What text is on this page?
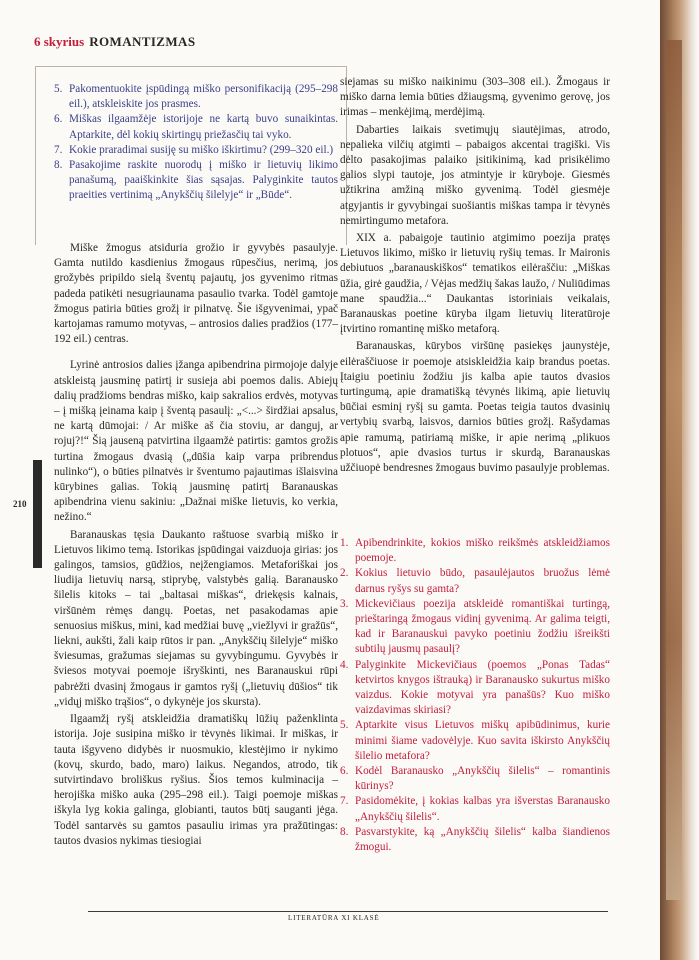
6 skyrius ROMANTIZMAS
5. Pakomentuokite įspūdingą miško personifikaciją (295–298 eil.), atskleiskite jos prasmes.
6. Miškas ilgaamžėje istorijoje ne kartą buvo sunaikintas. Aptarkite, dėl kokių skirtingų priežasčių tai vyko.
7. Kokie praradimai susiję su miško iškirtimu? (299–320 eil.)
8. Pasakojime raskite nuorodų į miško ir lietuvių likimo panašumą, paaiškinkite šias sąsajas. Palyginkite tautos praeities vertinimą „Anykščių šilelyje“ ir „Būde“.

Miške žmogus atsiduria grožio ir gyvybės pasaulyje. Gamta nutildo kasdienius žmogaus rūpesčius, nerimą, jos grožybės pripildo sielą šventų pajautų, jos gyvenimo ritmas padeda patikėti nesugriaunama pasaulio tvarka. Todėl gamtoje žmogus patiria būties grožį ir pilnatvę. Šie išgyvenimai, ypač kartojamas ramumo motyvas, – antrosios dalies pradžios (177–192 eil.) centras.

Lyrinė antrosios dalies įžanga apibendrina pirmojoje dalyje atskleistą jausminę patirtį ir susieja abi poemos dalis. Abiejų dalių pradžioms bendras miško, kaip sakralios erdvės, motyvas – į mišką įeinama kaip į šventą pasaulį: „<...> širdžiai apsalus, ne kartą dūmojai: / Ar miške aš čia stoviu, ar danguj, ar rojuj?!“ Šią jauseną patvirtina ilgaamžė patirtis: gamtos grožis turtina žmogaus dvasią („dūšia kaip varpa pribrendus nulinko“), o būties pilnatvės ir šventumo pajautimas išlaisvina kūrybines galias. Tokią jausminę patirtį Baranauskas apibendrina vienu sakiniu: „Dažnai miške lietuvis, ko verkia, nežino.“

Baranauskas tęsia Daukanto raštuose svarbią miško ir Lietuvos likimo temą. Istorikas įspūdingai vaizduoja girias: jos galingos, tamsios, gūdžios, neįžengiamos. Metaforiškai jos liudija lietuvių narsą, stiprybę, valstybės galią. Baranausko šilelis kitoks – tai „baltasai miškas“, driekęsis kalnais, viršūnėm rėmęs dangų. Poetas, net pasakodamas apie senuosius miškus, mini, kad medžiai buvę „viežlyvi ir gražūs“, liekni, aukšti, žali kaip rūtos ir pan. „Anykščių šilelyje“ miško šviesumas, gražumas siejamas su gyvybingumu. Gyvybės ir šviesos motyvai poemoje išryškinti, nes Baranauskui rūpi pabrėžti dvasinį žmogaus ir gamtos ryšį („lietuvių dūšios“ tik „vidųj miško trąšios“, o dykynėje jos skursta).

Ilgaamžį ryšį atskleidžia dramatiškų lūžių paženklinta istorija. Joje susipina miško ir tėvynės likimai. Ir miškas, ir tauta išgyveno didybės ir nuosmukio, klestėjimo ir nykimo (kovų, skurdo, bado, maro) laikus. Negandos, atrodo, tik sutvirtindavo brolišk‌us ryšius. Šios temos kulminacija – herojiška miško auka (295–298 eil.). Taigi poemoje miškas iškyla lyg kokia galinga, globianti, tautos būtį sauganti jėga. Todėl santarvės su gamtos pasauliu irimas yra pražūtingas: tautos dvasios nykimas tiesiogiai

siejamas su miško naikinimu (303–308 eil.). Žmogaus ir miško darna lemia būties džiaugsmą, gyvenimo gerovę, jos irimas – menkėjimą, merdėjimą.

Dabarties laikais svetimųjų siautėjimas, atrodo, nepalieka vilčių atgimti – pabaigos akcentai tragiški. Vis dėlto pasakojimas palaiko įsitikinimą, kad prisikėlimo galios slypi tautoje, jos atmintyje ir kūryboje. Giesmės užtikrina amžiną miško gyvenimą. Todėl giesmėje atgyjantis ir gyvybingai suošiantis miškas tampa ir tėvynės nemirtingumo metafora.

XIX a. pabaigoje tautinio atgimimo poezija pratęs Lietuvos likimo, miško ir lietuvių ryšių temas. Ir Maironis debiutuos „baranauskiškos“ tematikos eilėraščiu: „Miškas ūžia, girė gaudžia, / Vėjas medžių šakas laužo, / Nuliūdimas mane spaudžia...“ Daukantas istoriniais veikalais, Baranauskas poetine kūryba ilgam lietuvių literatūroje įtvirtino romantinę miško metaforą.

Baranauskas, kūrybos viršūnę pasiekęs jaunystėje, eilėraščiuose ir poemoje atsiskleidžia kaip brandus poetas. Įtaigiu poetiniu žodžiu jis kalba apie tautos dvasios turtingumą, apie dramatišką tėvynės likimą, apie lietuvių būčiai esminį ryšį su gamta. Poetas teigia tautos dvasinių vertybių svarbą, laisvos, darnios būties grožį. Rašydamas apie ramumą, patiriamą miške, ir apie nerimą „plikuos plotuos“, apie dvasios turtus ir skurdą, Baranauskas užčiuopė bendresnes žmogaus buvimo pasaulyje problemas.

1. Apibendrinkite, kokios miško reikšmės atskleidžiamos poemoje.
2. Kokius lietuvio būdo, pasaulėjautos bruožus lėmė darnus ryšys su gamta?
3. Mickevičiaus poezija atskleidė romantiškai turtingą, prieštaringą žmogaus vidinį gyvenimą. Ar galima teigti, kad ir Baranauskui pavyko poetiniu žodžiu išreikšti subtilų jausmų pasaulį?
4. Palyginkite Mickevičiaus (poemos „Ponas Tadas“ ketvirtos knygos ištrauką) ir Baranausko sukurtus miško vaizdus. Kokie motyvai yra panašūs? Kuo miško vaizdavimas skiriasi?
5. Aptarkite visus Lietuvos miškų apibūdinimus, kurie minimi šiame vadovėlyje. Kuo savita iškirsto Anykščių šilelio metafora?
6. Kodėl Baranausko „Anykščių šilelis“ – romantinis kūrinys?
7. Pasidomėkite, į kokias kalbas yra išverstas Baranausko „Anykščių šilelis“.
8. Pasvarstykite, ką „Anykščių šilelis“ kalba šiandienos žmogui.
210
LITERATŪRA XI KLASĖ
